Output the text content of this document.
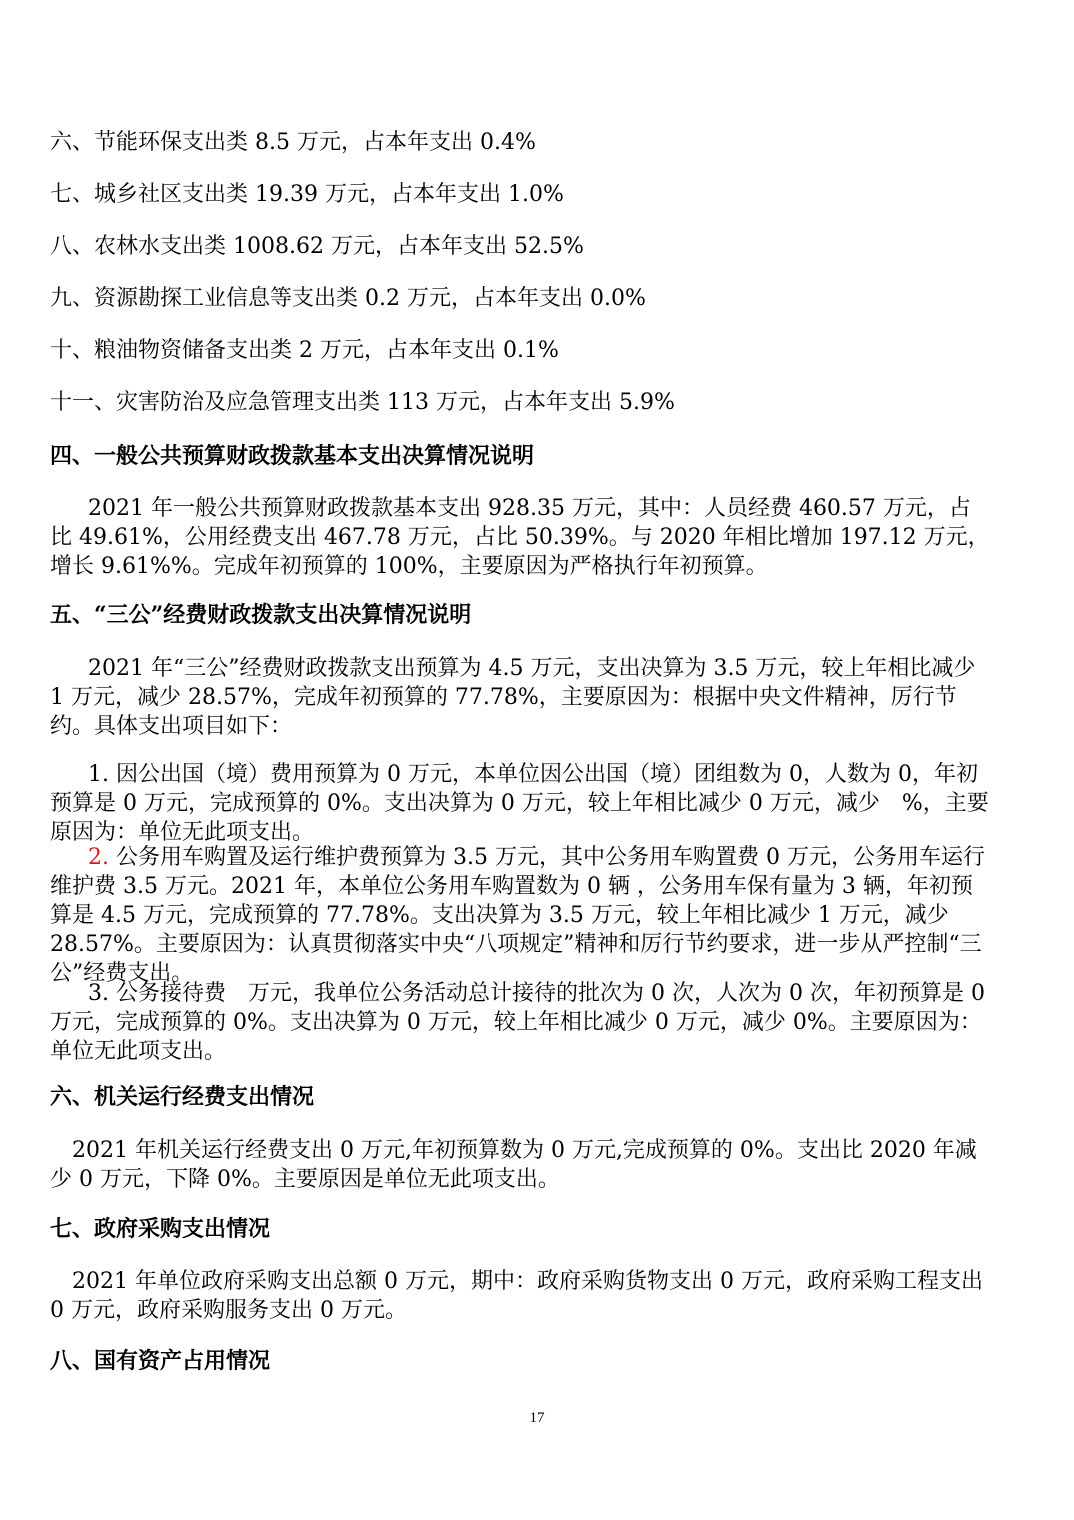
六、节能环保支出类 8.5 万元，占本年支出 0.4%
七、城乡社区支出类 19.39 万元，占本年支出 1.0%
八、农林水支出类 1008.62 万元，占本年支出 52.5%
九、资源勘探工业信息等支出类 0.2 万元，占本年支出 0.0%
十、粮油物资储备支出类 2 万元，占本年支出 0.1%
十一、灾害防治及应急管理支出类 113 万元，占本年支出 5.9%
四、一般公共预算财政拨款基本支出决算情况说明
2021 年一般公共预算财政拨款基本支出 928.35 万元，其中：人员经费 460.57 万元，占比 49.61%，公用经费支出 467.78 万元，占比 50.39%。与 2020 年相比增加 197.12 万元，增长 9.61%%。完成年初预算的 100%，主要原因为严格执行年初预算。
五、“三公”经费财政拨款支出决算情况说明
2021 年“三公”经费财政拨款支出预算为 4.5 万元，支出决算为 3.5 万元，较上年相比减少 1 万元，减少 28.57%，完成年初预算的 77.78%，主要原因为：根据中央文件精神，厉行节约。具体支出项目如下：
1. 因公出国（境）费用预算为 0 万元，本单位因公出国（境）团组数为 0，人数为 0，年初预算是 0 万元，完成预算的 0%。支出决算为 0 万元，较上年相比减少 0 万元，减少　%，主要原因为：单位无此项支出。
2. 公务用车购置及运行维护费预算为 3.5 万元，其中公务用车购置费 0 万元，公务用车运行维护费 3.5 万元。2021 年，本单位公务用车购置数为 0 辆 ，公务用车保有量为 3 辆，年初预算是 4.5 万元，完成预算的 77.78%。支出决算为 3.5 万元，较上年相比减少 1 万元，减少 28.57%。主要原因为：认真贯彻落实中央“八项规定”精神和厉行节约要求，进一步从严控制“三公”经费支出。
3. 公务接待费　万元，我单位公务活动总计接待的批次为 0 次，人次为 0 次，年初预算是 0 万元，完成预算的 0%。支出决算为 0 万元，较上年相比减少 0 万元，减少 0%。主要原因为：单位无此项支出。
六、机关运行经费支出情况
2021 年机关运行经费支出 0 万元,年初预算数为 0 万元,完成预算的 0%。支出比 2020 年减少 0 万元，下降 0%。主要原因是单位无此项支出。
七、政府采购支出情况
2021 年单位政府采购支出总额 0 万元，期中：政府采购货物支出 0 万元，政府采购工程支出 0 万元，政府采购服务支出 0 万元。
八、国有资产占用情况
17
